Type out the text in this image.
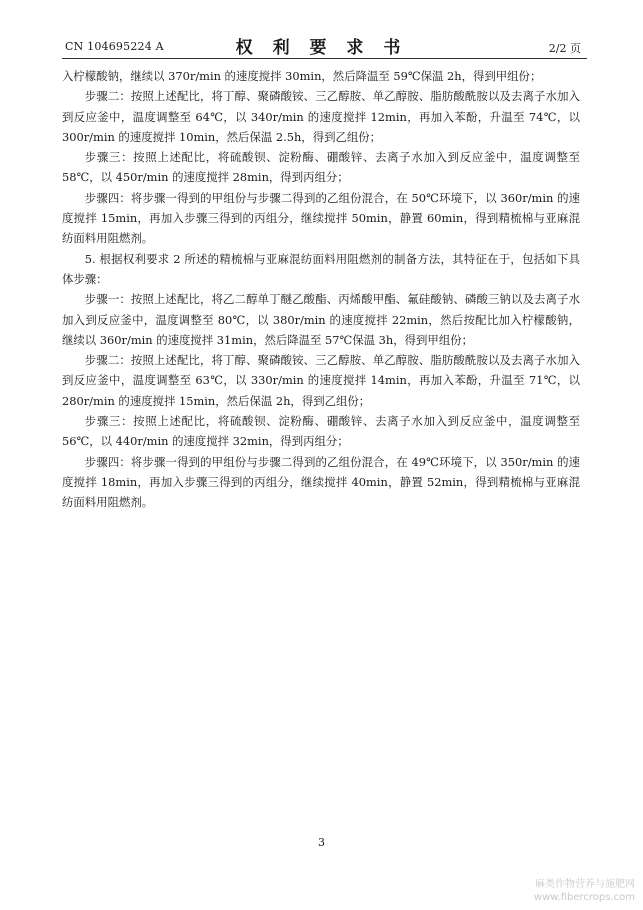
CN 104695224 A	权 利 要 求 书	2/2 页

入柠檬酸钠，继续以 370r/min 的速度搅拌 30min，然后降温至 59℃保温 2h，得到甲组份；

步骤二：按照上述配比，将丁醇、聚磷酸铵、三乙醇胺、单乙醇胺、脂肪酸酰胺以及去离子水加入到反应釜中，温度调整至 64℃，以 340r/min 的速度搅拌 12min，再加入苯酚，升温至 74℃，以 300r/min 的速度搅拌 10min，然后保温 2.5h，得到乙组份；

步骤三：按照上述配比，将硫酸钡、淀粉酶、硼酸锌、去离子水加入到反应釜中，温度调整至 58℃，以 450r/min 的速度搅拌 28min，得到丙组分；

步骤四：将步骤一得到的甲组份与步骤二得到的乙组份混合，在 50℃环境下，以 360r/min 的速度搅拌 15min，再加入步骤三得到的丙组分，继续搅拌 50min，静置 60min，得到精梳棉与亚麻混纺面料用阻燃剂。

5. 根据权利要求 2 所述的精梳棉与亚麻混纺面料用阻燃剂的制备方法，其特征在于，包括如下具体步骤：

步骤一：按照上述配比，将乙二醇单丁醚乙酸酯、丙烯酸甲酯、氟硅酸钠、磷酸三钠以及去离子水加入到反应釜中，温度调整至 80℃，以 380r/min 的速度搅拌 22min，然后按配比加入柠檬酸钠，继续以 360r/min 的速度搅拌 31min，然后降温至 57℃保温 3h，得到甲组份；

步骤二：按照上述配比，将丁醇、聚磷酸铵、三乙醇胺、单乙醇胺、脂肪酸酰胺以及去离子水加入到反应釜中，温度调整至 63℃，以 330r/min 的速度搅拌 14min，再加入苯酚，升温至 71℃，以 280r/min 的速度搅拌 15min，然后保温 2h，得到乙组份；

步骤三：按照上述配比，将硫酸钡、淀粉酶、硼酸锌、去离子水加入到反应釜中，温度调整至 56℃，以 440r/min 的速度搅拌 32min，得到丙组分；

步骤四：将步骤一得到的甲组份与步骤二得到的乙组份混合，在 49℃环境下，以 350r/min 的速度搅拌 18min，再加入步骤三得到的丙组分，继续搅拌 40min，静置 52min，得到精梳棉与亚麻混纺面料用阻燃剂。

3
麻类作物营养与施肥网
www.fibercrops.com
